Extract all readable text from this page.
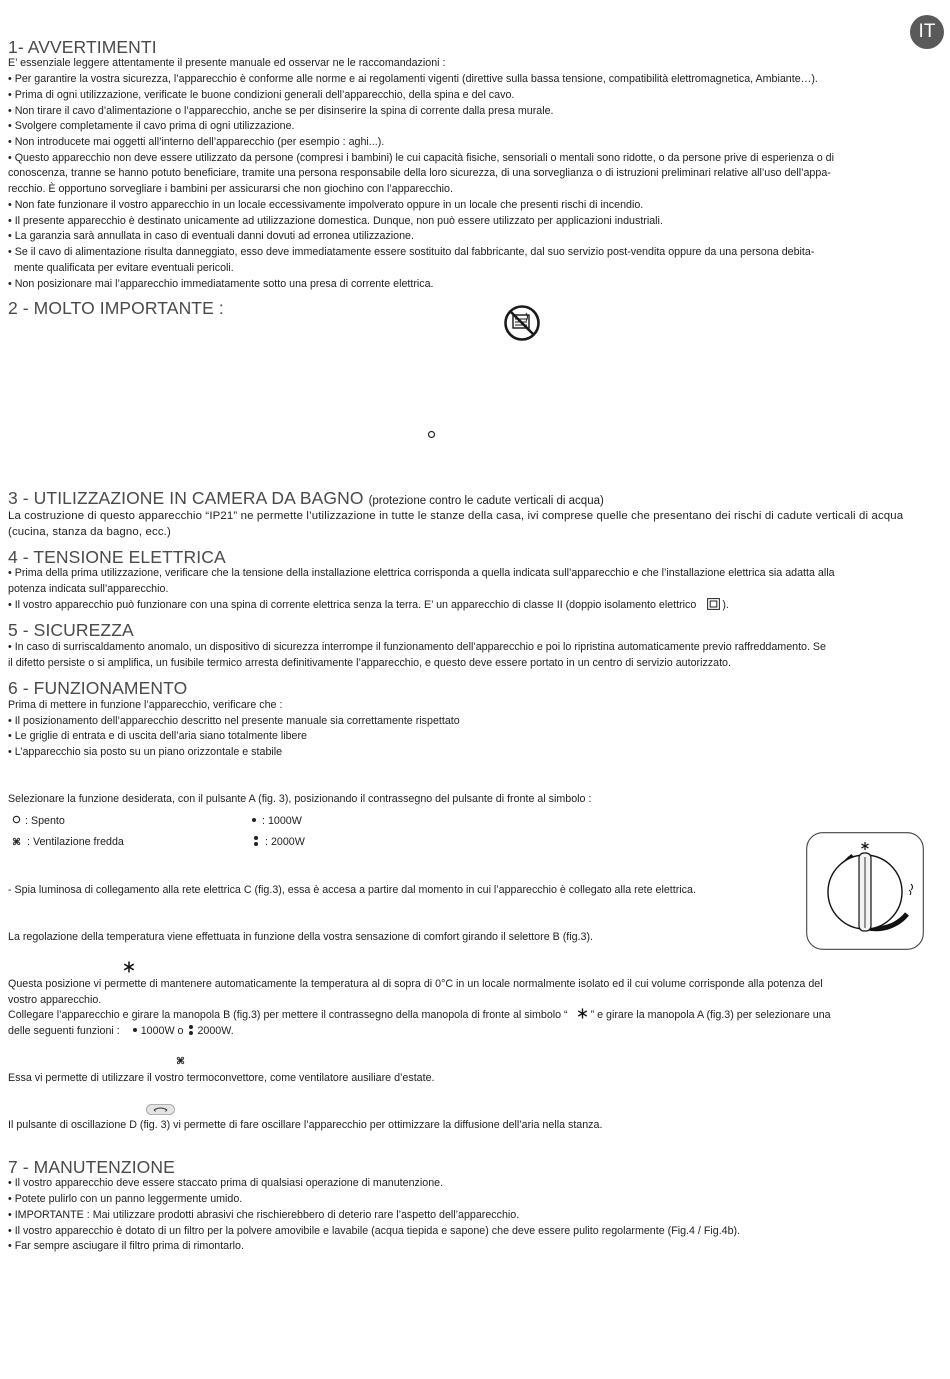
IT
1- AVVERTIMENTI
E’ essenziale leggere attentamente il presente manuale ed osservar ne le raccomandazioni :
• Per garantire la vostra sicurezza, l’apparecchio è conforme alle norme e ai regolamenti vigenti (direttive sulla bassa tensione, compatibilità elettromagnetica, Ambiante…).
• Prima di ogni utilizzazione, verificate le buone condizioni generali dell’apparecchio, della spina e del cavo.
• Non tirare il cavo d’alimentazione o l’apparecchio, anche se per disinserire la spina di corrente dalla presa murale.
• Svolgere completamente il cavo prima di ogni utilizzazione.
• Non introducete mai oggetti all’interno dell’apparecchio (per esempio : aghi...).
• Questo apparecchio non deve essere utilizzato da persone (compresi i bambini) le cui capacità fisiche, sensoriali o mentali sono ridotte, o da persone prive di esperienza o di
conoscenza, tranne se hanno potuto beneficiare, tramite una persona responsabile della loro sicurezza, di una sorveglianza o di istruzioni preliminari relative all’uso dell’appa-
recchio. È opportuno sorvegliare i bambini per assicurarsi che non giochino con l’apparecchio.
• Non fate funzionare il vostro apparecchio in un locale eccessivamente impolverato oppure in un locale che presenti rischi di incendio.
• Il presente apparecchio è destinato unicamente ad utilizzazione domestica. Dunque, non può essere utilizzato per applicazioni industriali.
• La garanzia sarà annullata in caso di eventuali danni dovuti ad erronea utilizzazione.
• Se il cavo di alimentazione risulta danneggiato, esso deve immediatamente essere sostituito dal fabbricante, dal suo servizio post-vendita oppure da una persona debita-
mente qualificata per evitare eventuali pericoli.
• Non posizionare mai l’apparecchio immediatamente sotto una presa di corrente elettrica.
2 - MOLTO IMPORTANTE :
3 - UTILIZZAZIONE IN CAMERA DA BAGNO (protezione contro le cadute verticali di acqua)
La costruzione di questo apparecchio “IP21” ne permette l’utilizzazione in tutte le stanze della casa, ivi comprese quelle che presentano dei rischi di cadute verticali di acqua (cucina, stanza da bagno, ecc.)
4 - TENSIONE ELETTRICA
• Prima della prima utilizzazione, verificare che la tensione della installazione elettrica corrisponda a quella indicata sull’apparecchio e che l’installazione elettrica sia adatta alla
potenza indicata sull’apparecchio.
• Il vostro apparecchio può funzionare con una spina di corrente elettrica senza la terra. E’ un apparecchio di classe II (doppio isolamento elettrico ).
5 - SICUREZZA
• In caso di surriscaldamento anomalo, un dispositivo di sicurezza interrompe il funzionamento dell’apparecchio e poi lo ripristina automaticamente previo raffreddamento. Se
il difetto persiste o si amplifica, un fusibile termico arresta definitivamente l’apparecchio, e questo deve essere portato in un centro di servizio autorizzato.
6 - FUNZIONAMENTO
Prima di mettere in funzione l’apparecchio, verificare che :
• Il posizionamento dell’apparecchio descritto nel presente manuale sia correttamente rispettato
• Le griglie di entrata e di uscita dell’aria siano totalmente libere
• L’apparecchio sia posto su un piano orizzontale e stabile
Selezionare la funzione desiderata, con il pulsante A (fig. 3), posizionando il contrassegno del pulsante di fronte al simbolo :
: Spento
: Ventilazione fredda
: 1000W
: 2000W
- Spia luminosa di collegamento alla rete elettrica C (fig.3), essa è accesa a partire dal momento in cui l’apparecchio è collegato alla rete elettrica.
La regolazione della temperatura viene effettuata in funzione della vostra sensazione di comfort girando il selettore B (fig.3).
Questa posizione vi permette di mantenere automaticamente la temperatura al di sopra di 0°C in un locale normalmente isolato ed il cui volume corrisponde alla potenza del
vostro apparecchio.
Collegare l’apparecchio e girare la manopola B (fig.3) per mettere il contrassegno della manopola di fronte al simbolo “ ” e girare la manopola A (fig.3) per selezionare una
delle seguenti funzioni : 1000W o 2000W.
Essa vi permette di utilizzare il vostro termoconvettore, come ventilatore ausiliare d’estate.
Il pulsante di oscillazione D (fig. 3) vi permette di fare oscillare l’apparecchio per ottimizzare la diffusione dell’aria nella stanza.
7 - MANUTENZIONE
• Il vostro apparecchio deve essere staccato prima di qualsiasi operazione di manutenzione.
• Potete pulirlo con un panno leggermente umido.
• IMPORTANTE : Mai utilizzare prodotti abrasivi che rischierebbero di deterio rare l’aspetto dell’apparecchio.
• Il vostro apparecchio è dotato di un filtro per la polvere amovibile e lavabile (acqua tiepida e sapone) che deve essere pulito regolarmente (Fig.4 / Fig.4b).
• Far sempre asciugare il filtro prima di rimontarlo.
